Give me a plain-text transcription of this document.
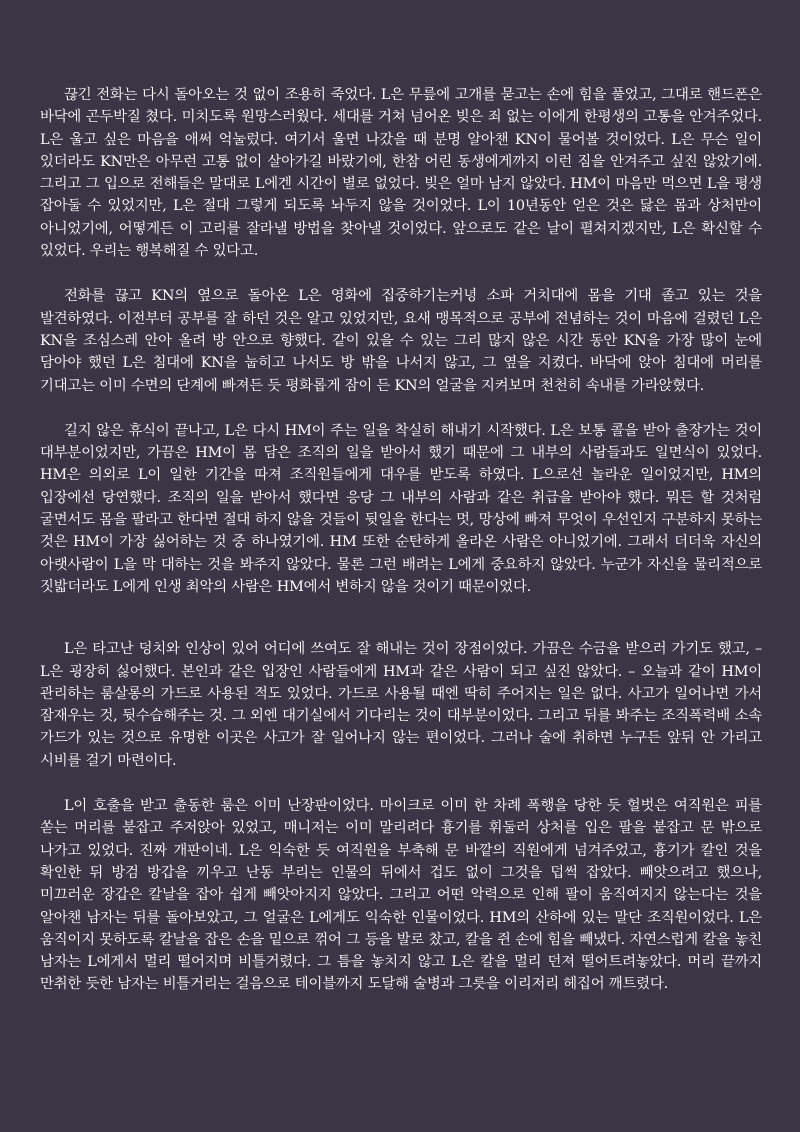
끊긴 전화는 다시 돌아오는 것 없이 조용히 죽었다. L은 무릎에 고개를 묻고는 손에 힘을 풀었고, 그대로 핸드폰은 바닥에 곤두박질 쳤다. 미치도록 원망스러웠다. 세대를 거쳐 넘어온 빚은 죄 없는 이에게 한평생의 고통을 안겨주었다. L은 울고 싶은 마음을 애써 억눌렀다. 여기서 울면 나갔을 때 분명 알아챈 KN이 물어볼 것이었다. L은 무슨 일이 있더라도 KN만은 아무런 고통 없이 살아가길 바랐기에, 한참 어린 동생에게까지 이런 짐을 안겨주고 싶진 않았기에. 그리고 그 입으로 전해들은 말대로 L에겐 시간이 별로 없었다. 빚은 얼마 남지 않았다. HM이 마음만 먹으면 L을 평생 잡아둘 수 있었지만, L은 절대 그렇게 되도록 놔두지 않을 것이었다. L이 10년동안 얻은 것은 닳은 몸과 상처만이 아니었기에, 어떻게든 이 고리를 잘라낼 방법을 찾아낼 것이었다. 앞으로도 같은 날이 펼쳐지겠지만, L은 확신할 수 있었다. 우리는 행복해질 수 있다고.

전화를 끊고 KN의 옆으로 돌아온 L은 영화에 집중하기는커녕 소파 거치대에 몸을 기대 졸고 있는 것을 발견하였다. 이전부터 공부를 잘 하던 것은 알고 있었지만, 요새 맹목적으로 공부에 전념하는 것이 마음에 걸렸던 L은 KN을 조심스레 안아 올려 방 안으로 향했다. 같이 있을 수 있는 그리 많지 않은 시간 동안 KN을 가장 많이 눈에 담아야 했던 L은 침대에 KN을 눕히고 나서도 방 밖을 나서지 않고, 그 옆을 지켰다. 바닥에 앉아 침대에 머리를 기대고는 이미 수면의 단계에 빠져든 듯 평화롭게 잠이 든 KN의 얼굴을 지켜보며 천천히 속내를 가라앉혔다.

길지 않은 휴식이 끝나고, L은 다시 HM이 주는 일을 착실히 해내기 시작했다. L은 보통 콜을 받아 출장가는 것이 대부분이었지만, 가끔은 HM이 몸 담은 조직의 일을 받아서 했기 때문에 그 내부의 사람들과도 일면식이 있었다. HM은 의외로 L이 일한 기간을 따져 조직원들에게 대우를 받도록 하였다. L으로선 놀라운 일이었지만, HM의 입장에선 당연했다. 조직의 일을 받아서 했다면 응당 그 내부의 사람과 같은 취급을 받아야 했다. 뭐든 할 것처럼 굴면서도 몸을 팔라고 한다면 절대 하지 않을 것들이 뒷일을 한다는 멋, 망상에 빠져 무엇이 우선인지 구분하지 못하는 것은 HM이 가장 싫어하는 것 중 하나였기에. HM 또한 순탄하게 올라온 사람은 아니었기에. 그래서 더더욱 자신의 아랫사람이 L을 막 대하는 것을 봐주지 않았다. 물론 그런 배려는 L에게 중요하지 않았다. 누군가 자신을 물리적으로 짓밟더라도 L에게 인생 최악의 사람은 HM에서 변하지 않을 것이기 때문이었다.

L은 타고난 덩치와 인상이 있어 어디에 쓰여도 잘 해내는 것이 장점이었다. 가끔은 수금을 받으러 가기도 했고, – L은 굉장히 싫어했다. 본인과 같은 입장인 사람들에게 HM과 같은 사람이 되고 싶진 않았다. – 오늘과 같이 HM이 관리하는 룸살롱의 가드로 사용된 적도 있었다. 가드로 사용될 때엔 딱히 주어지는 일은 없다. 사고가 일어나면 가서 잠재우는 것, 뒷수습해주는 것. 그 외엔 대기실에서 기다리는 것이 대부분이었다. 그리고 뒤를 봐주는 조직폭력배 소속 가드가 있는 것으로 유명한 이곳은 사고가 잘 일어나지 않는 편이었다. 그러나 술에 취하면 누구든 앞뒤 안 가리고 시비를 걸기 마련이다.

L이 호출을 받고 출동한 룸은 이미 난장판이었다. 마이크로 이미 한 차례 폭행을 당한 듯 헐벗은 여직원은 피를 쏟는 머리를 붙잡고 주저앉아 있었고, 매니저는 이미 말리려다 흉기를 휘둘러 상처를 입은 팔을 붙잡고 문 밖으로 나가고 있었다. 진짜 개판이네. L은 익숙한 듯 여직원을 부축해 문 바깥의 직원에게 넘겨주었고, 흉기가 칼인 것을 확인한 뒤 방검 방갑을 끼우고 난동 부리는 인물의 뒤에서 겁도 없이 그것을 덥썩 잡았다. 빼앗으려고 했으나, 미끄러운 장갑은 칼날을 잡아 쉽게 빼앗아지지 않았다. 그리고 어떤 악력으로 인해 팔이 움직여지지 않는다는 것을 알아챈 남자는 뒤를 돌아보았고, 그 얼굴은 L에게도 익숙한 인물이었다. HM의 산하에 있는 말단 조직원이었다. L은 움직이지 못하도록 칼날을 잡은 손을 밑으로 꺾어 그 등을 발로 찼고, 칼을 쥔 손에 힘을 빼냈다. 자연스럽게 칼을 놓친 남자는 L에게서 멀리 떨어지며 비틀거렸다. 그 틈을 놓치지 않고 L은 칼을 멀리 던져 떨어트려놓았다. 머리 끝까지 만취한 듯한 남자는 비틀거리는 걸음으로 테이블까지 도달해 술병과 그릇을 이리저리 헤집어 깨트렸다.
